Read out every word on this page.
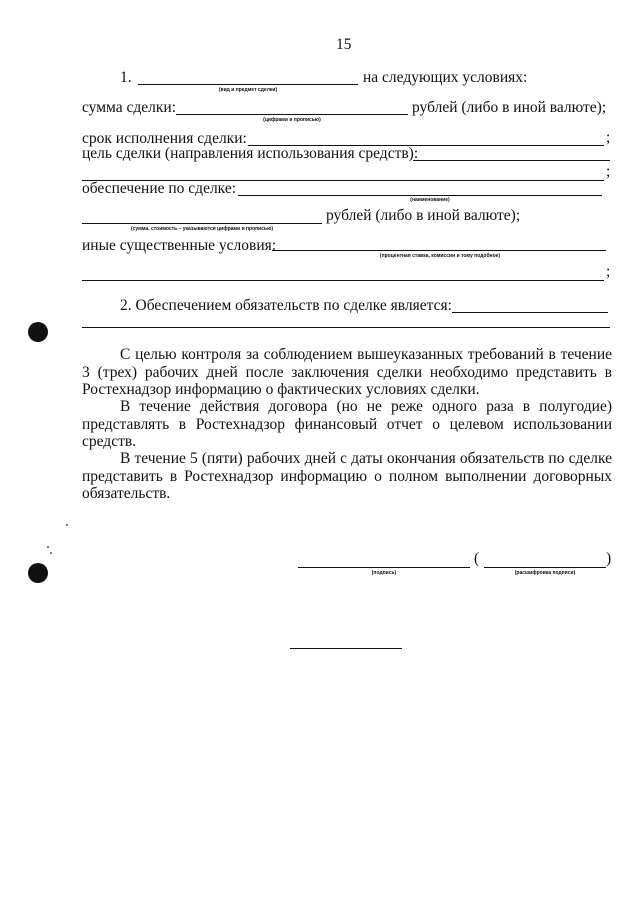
15
1.
(вид и предмет сделки)
на следующих условиях:
сумма сделки:
(цифрами и прописью)
рублей (либо в иной валюте);
срок исполнения сделки:	;
цель сделки (направления использования средств):
;
обеспечение по сделке:
(наименование)
(сумма, стоимость – указываются цифрами и прописью)
рублей (либо в иной валюте);
иные существенные условия:
(процентная ставка, комиссии и тому подобное)
;
2. Обеспечением обязательств по сделке является:
С целью контроля за соблюдением вышеуказанных требований в течение 3 (трех) рабочих дней после заключения сделки необходимо представить в Ростехнадзор информацию о фактических условиях сделки.
В течение действия договора (но не реже одного раза в полугодие) представлять в Ростехнадзор финансовый отчет о целевом использовании средств.
В течение 5 (пяти) рабочих дней с даты окончания обязательств по сделке представить в Ростехнадзор информацию о полном выполнении договорных обязательств.
(подпись)
(
(расшифровка подписи)
)
